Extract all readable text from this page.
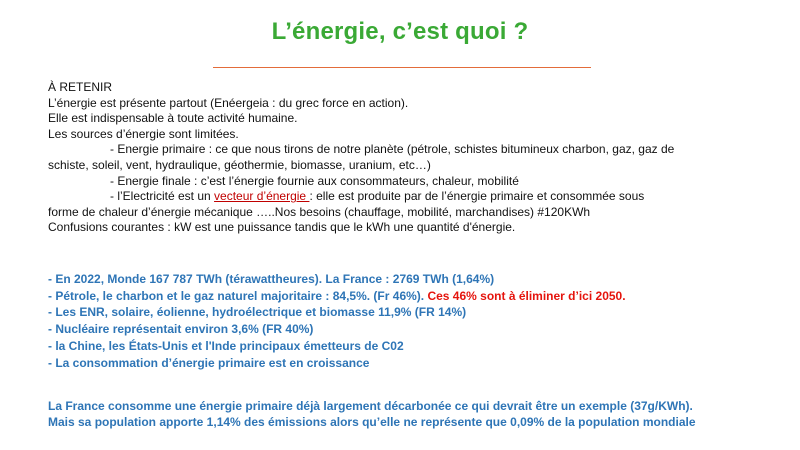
L’énergie, c’est quoi ?
À RETENIR
L’énergie est présente partout (Enéergeia : du grec force en action).
Elle est indispensable à toute activité humaine.
Les sources d’énergie sont limitées.
- Energie primaire : ce que nous tirons de notre planète (pétrole, schistes bitumineux charbon, gaz, gaz de
schiste, soleil, vent, hydraulique, géothermie, biomasse, uranium, etc…)
- Energie finale : c’est l’énergie fournie aux consommateurs, chaleur, mobilité
- l’Electricité est un vecteur d’énergie : elle est produite par de l’énergie primaire et consommée sous
forme de chaleur d’énergie mécanique …..Nos besoins (chauffage, mobilité, marchandises) #120KWh
Confusions courantes : kW est une puissance tandis que le kWh une quantité d'énergie.
- En 2022, Monde 167 787 TWh (térawattheures). La France : 2769 TWh (1,64%)
- Pétrole, le charbon et le gaz naturel majoritaire : 84,5%. (Fr 46%). Ces 46% sont à éliminer d’ici 2050.
- Les ENR, solaire, éolienne, hydroélectrique et biomasse 11,9% (FR 14%)
- Nucléaire représentait environ 3,6% (FR 40%)
- la Chine, les États-Unis et l'Inde principaux émetteurs de C02
- La consommation d’énergie primaire est en croissance
La France consomme une énergie primaire déjà largement décarbonée ce qui devrait être un exemple (37g/KWh).
Mais sa population apporte 1,14% des émissions alors qu’elle ne représente que 0,09% de la population mondiale
